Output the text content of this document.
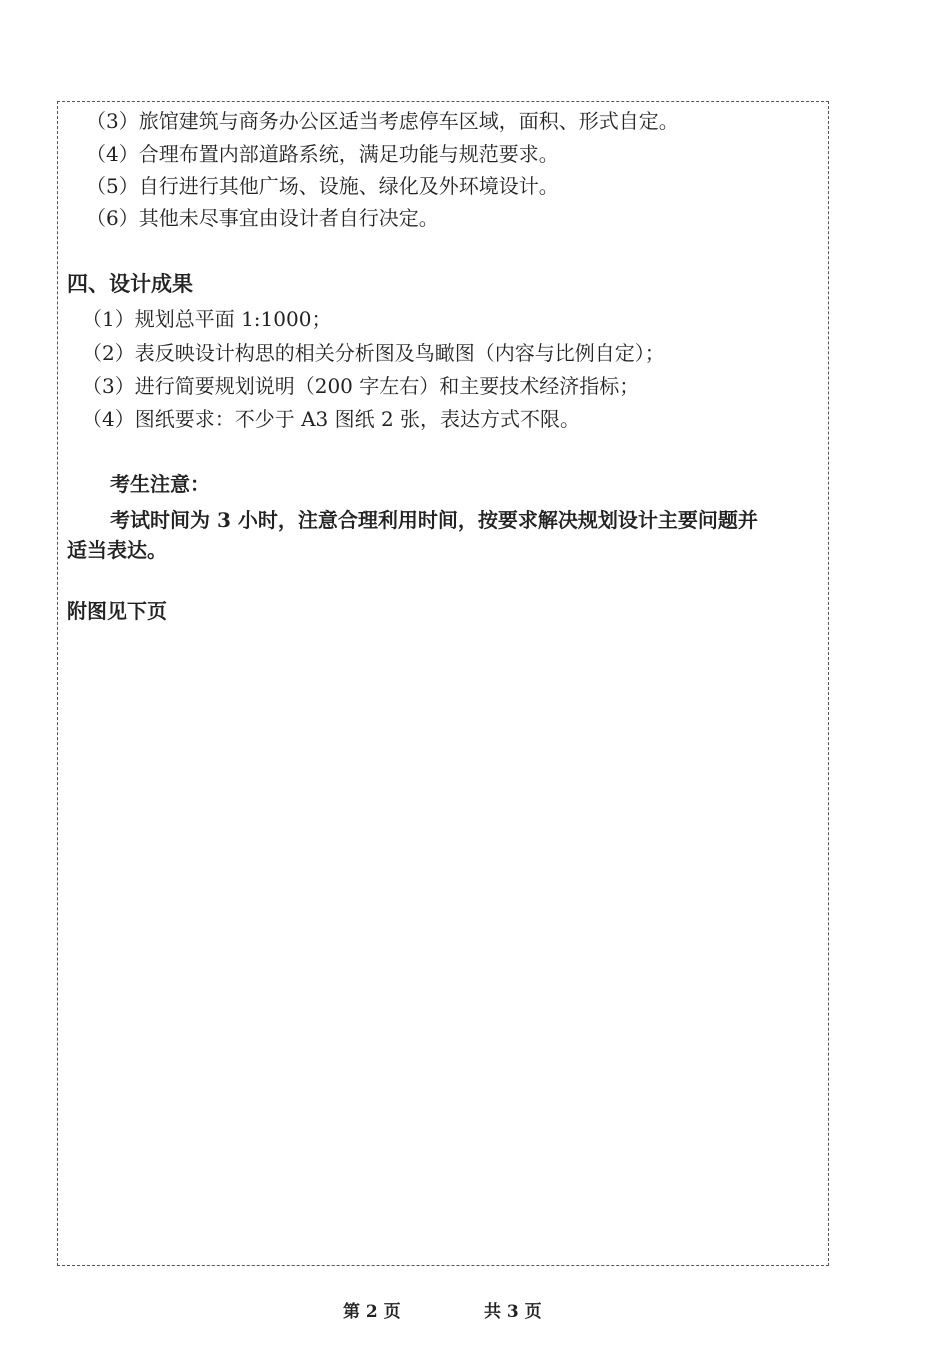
（3）旅馆建筑与商务办公区适当考虑停车区域，面积、形式自定。
（4）合理布置内部道路系统，满足功能与规范要求。
（5）自行进行其他广场、设施、绿化及外环境设计。
（6）其他未尽事宜由设计者自行决定。
四、设计成果
（1）规划总平面 1:1000；
（2）表反映设计构思的相关分析图及鸟瞰图（内容与比例自定）；
（3）进行简要规划说明（200 字左右）和主要技术经济指标；
（4）图纸要求：不少于 A3 图纸 2 张，表达方式不限。
考生注意：
考试时间为 3 小时，注意合理利用时间，按要求解决规划设计主要问题并
适当表达。
附图见下页
第 2 页	共 3 页
